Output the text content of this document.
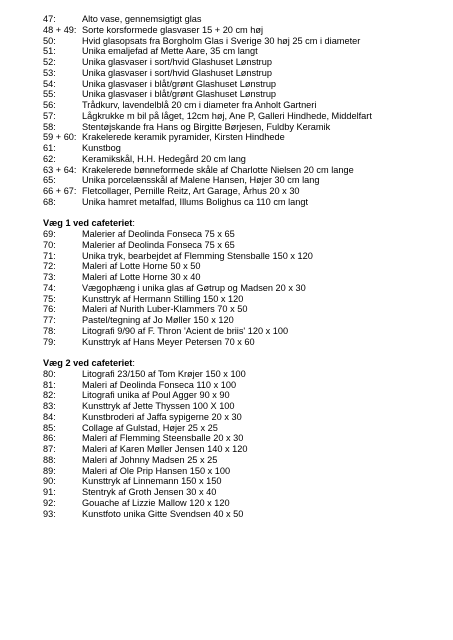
47:	Alto vase, gennemsigtigt glas
48 + 49: Sorte korsformede glasvaser 15 + 20 cm høj
50:	Hvid glasopsats fra Borgholm Glas i Sverige 30 høj 25 cm i diameter
51:	Unika emaljefad af Mette Aare, 35 cm langt
52:	Unika glasvaser i sort/hvid Glashuset Lønstrup
53:	Unika glasvaser i sort/hvid Glashuset Lønstrup
54:	Unika glasvaser i blåt/grønt Glashuset Lønstrup
55:	Unika glasvaser i blåt/grønt Glashuset Lønstrup
56:	Trådkurv, lavendelblå 20 cm i diameter fra Anholt Gartneri
57:	Lågkrukke m bil på låget, 12cm høj, Ane P, Galleri Hindhede, Middelfart
58:	Stentøjskande fra Hans og Birgitte Børjesen, Fuldby Keramik
59 + 60: Krakelerede keramik pyramider, Kirsten Hindhede
61:	Kunstbog
62:	Keramikskål, H.H. Hedegård 20 cm lang
63 + 64: Krakelerede bønneformede skåle af Charlotte Nielsen 20 cm lange
65:	Unika porcelænsskål af Malene Hansen, Højer 30 cm lang
66 + 67: Fletcollager, Pernille Reitz, Art Garage, Århus 20 x 30
68:	Unika hamret metalfad, Illums Bolighus ca 110 cm langt
Væg 1 ved cafeteriet:
69:	Malerier af Deolinda Fonseca 75 x 65
70:	Malerier af Deolinda Fonseca 75 x 65
71:	Unika tryk, bearbejdet af Flemming Stensballe 150 x 120
72:	Maleri af Lotte Horne 50 x 50
73:	Maleri af Lotte Horne 30 x 40
74:	Vægophæng i unika glas af Gøtrup og Madsen 20 x 30
75:	Kunsttryk af Hermann Stilling 150 x 120
76:	Maleri af Nurith Luber-Klammers 70 x 50
77:	Pastel/tegning af Jo Møller 150 x 120
78:	Litografi 9/90 af F. Thron 'Acient de briis' 120 x 100
79:	Kunsttryk af Hans Meyer Petersen 70 x 60
Væg 2 ved cafeteriet:
80:	Litografi 23/150 af Tom Krøjer 150 x 100
81:	Maleri af Deolinda Fonseca 110 x 100
82:	Litografi unika af Poul Agger 90 x 90
83:	Kunsttryk af Jette Thyssen 100 X 100
84:	Kunstbroderi af Jaffa sypigerne 20 x 30
85:	Collage af Gulstad, Højer 25 x 25
86:	Maleri af Flemming Steensballe 20 x 30
87:	Maleri af Karen Møller Jensen 140 x 120
88:	Maleri af Johnny Madsen 25 x 25
89:	Maleri af Ole Prip Hansen 150 x 100
90:	Kunsttryk af Linnemann 150 x 150
91:	Stentryk af Groth Jensen 30 x 40
92:	Gouache af Lizzie Mallow 120 x 120
93:	Kunstfoto unika Gitte Svendsen 40 x 50
